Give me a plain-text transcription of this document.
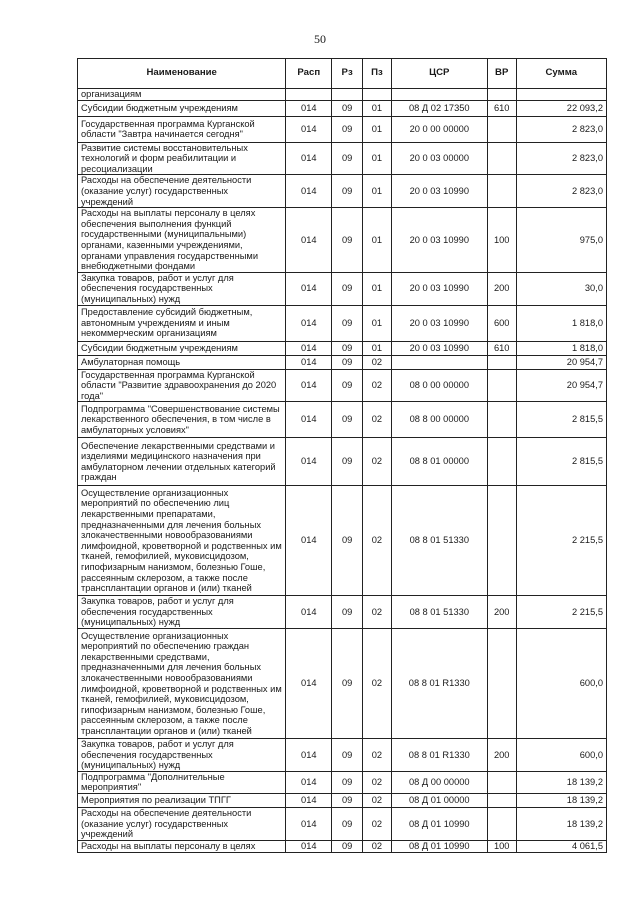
50
Наименование	Расп	Рз	Пз	ЦСР	ВР	Сумма
организациям						
Субсидии бюджетным учреждениям	014	09	01	08 Д 02 17350	610	22 093,2
Государственная программа Курганской области "Завтра начинается сегодня"	014	09	01	20 0 00 00000		2 823,0
Развитие системы восстановительных технологий и форм реабилитации и ресоциализации	014	09	01	20 0 03 00000		2 823,0
Расходы на обеспечение деятельности (оказание услуг) государственных учреждений	014	09	01	20 0 03 10990		2 823,0
Расходы на выплаты персоналу в целях обеспечения выполнения функций государственными (муниципальными) органами, казенными учреждениями, органами управления государственными внебюджетными фондами	014	09	01	20 0 03 10990	100	975,0
Закупка товаров, работ и услуг для обеспечения государственных (муниципальных) нужд	014	09	01	20 0 03 10990	200	30,0
Предоставление субсидий бюджетным, автономным учреждениям и иным некоммерческим организациям	014	09	01	20 0 03 10990	600	1 818,0
Субсидии бюджетным учреждениям	014	09	01	20 0 03 10990	610	1 818,0
Амбулаторная помощь	014	09	02			20 954,7
Государственная программа Курганской области "Развитие здравоохранения до 2020 года"	014	09	02	08 0 00 00000		20 954,7
Подпрограмма "Совершенствование системы лекарственного обеспечения, в том числе в амбулаторных условиях"	014	09	02	08 8 00 00000		2 815,5
Обеспечение лекарственными средствами и изделиями медицинского назначения при амбулаторном лечении отдельных категорий граждан	014	09	02	08 8 01 00000		2 815,5
Осуществление организационных мероприятий по обеспечению лиц лекарственными препаратами, предназначенными для лечения больных злокачественными новообразованиями лимфоидной, кроветворной и родственных им тканей, гемофилией, муковисцидозом, гипофизарным нанизмом, болезнью Гоше, рассеянным склерозом, а также после трансплантации органов и (или) тканей	014	09	02	08 8 01 51330		2 215,5
Закупка товаров, работ и услуг для обеспечения государственных (муниципальных) нужд	014	09	02	08 8 01 51330	200	2 215,5
Осуществление организационных мероприятий по обеспечению граждан лекарственными средствами, предназначенными для лечения больных злокачественными новообразованиями лимфоидной, кроветворной и родственных им тканей, гемофилией, муковисцидозом, гипофизарным нанизмом, болезнью Гоше, рассеянным склерозом, а также после трансплантации органов и (или) тканей	014	09	02	08 8 01 R1330		600,0
Закупка товаров, работ и услуг для обеспечения государственных (муниципальных) нужд	014	09	02	08 8 01 R1330	200	600,0
Подпрограмма "Дополнительные мероприятия"	014	09	02	08 Д 00 00000		18 139,2
Мероприятия по реализации ТПГГ	014	09	02	08 Д 01 00000		18 139,2
Расходы на обеспечение деятельности (оказание услуг) государственных учреждений	014	09	02	08 Д 01 10990		18 139,2
Расходы на выплаты персоналу в целях	014	09	02	08 Д 01 10990	100	4 061,5
